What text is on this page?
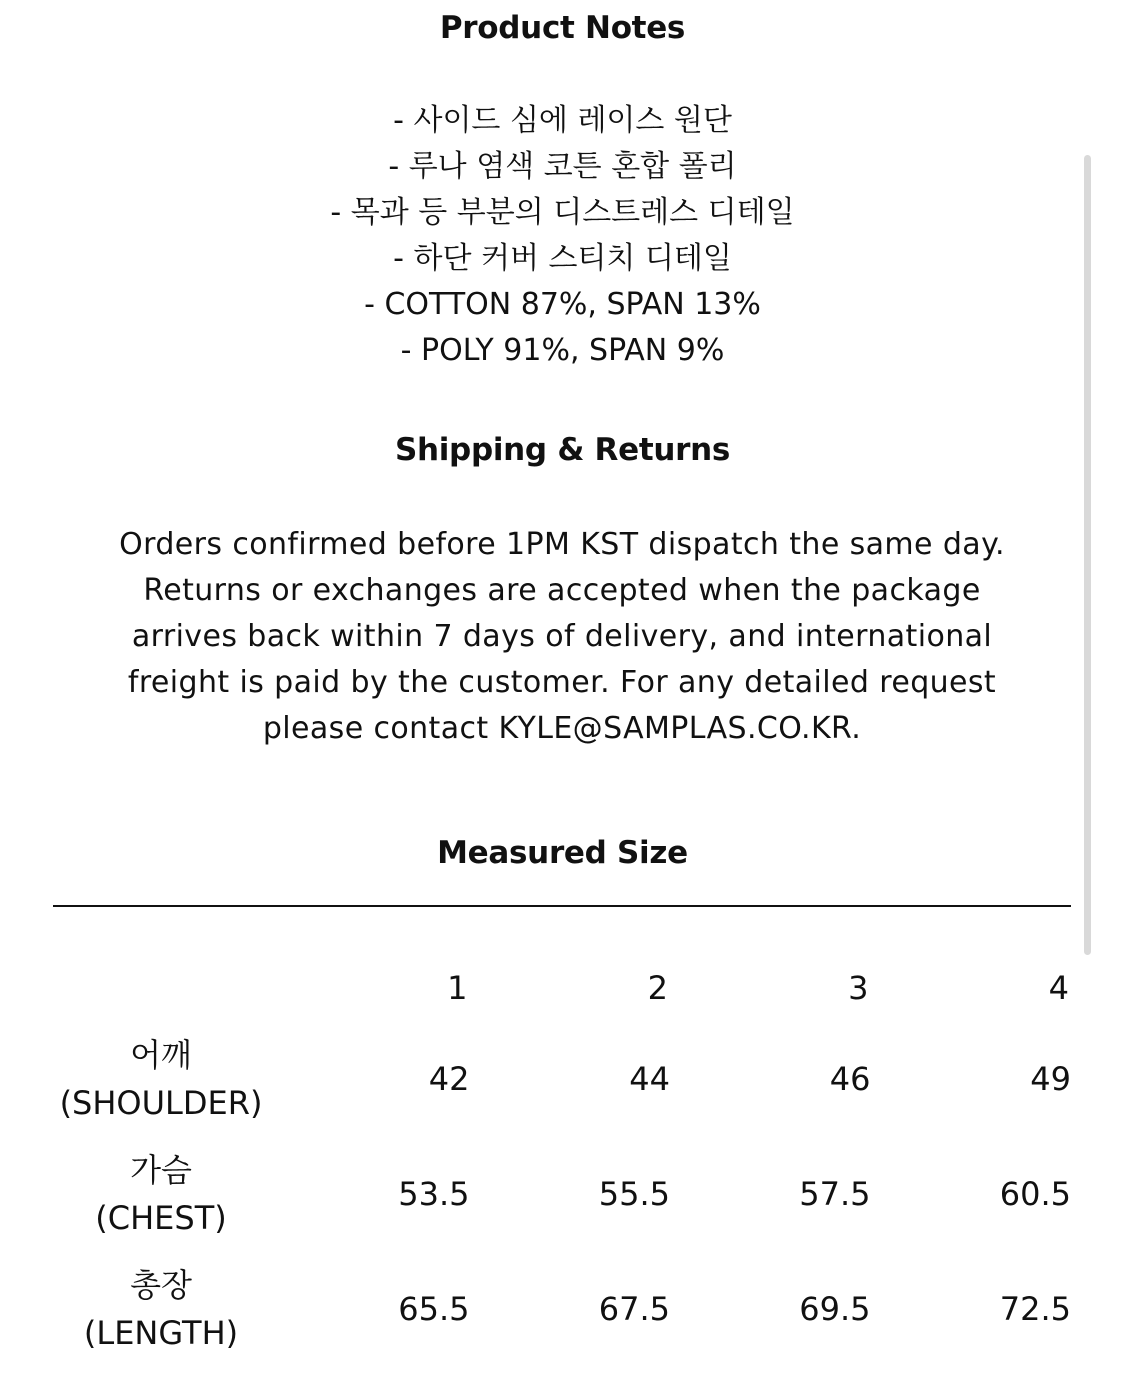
Product Notes
- 사이드 심에 레이스 원단
- 루나 염색 코튼 혼합 폴리
- 목과 등 부분의 디스트레스 디테일
- 하단 커버 스티치 디테일
- COTTON 87%, SPAN 13%
- POLY 91%, SPAN 9%
Shipping & Returns
Orders confirmed before 1PM KST dispatch the same day.
Returns or exchanges are accepted when the package
arrives back within 7 days of delivery, and international
freight is paid by the customer. For any detailed request
please contact KYLE@SAMPLAS.CO.KR.
Measured Size
1	2	3	4
어깨
(SHOULDER)
42	44	46	49
가슴
(CHEST)
53.5	55.5	57.5	60.5
총장
(LENGTH)
65.5	67.5	69.5	72.5
